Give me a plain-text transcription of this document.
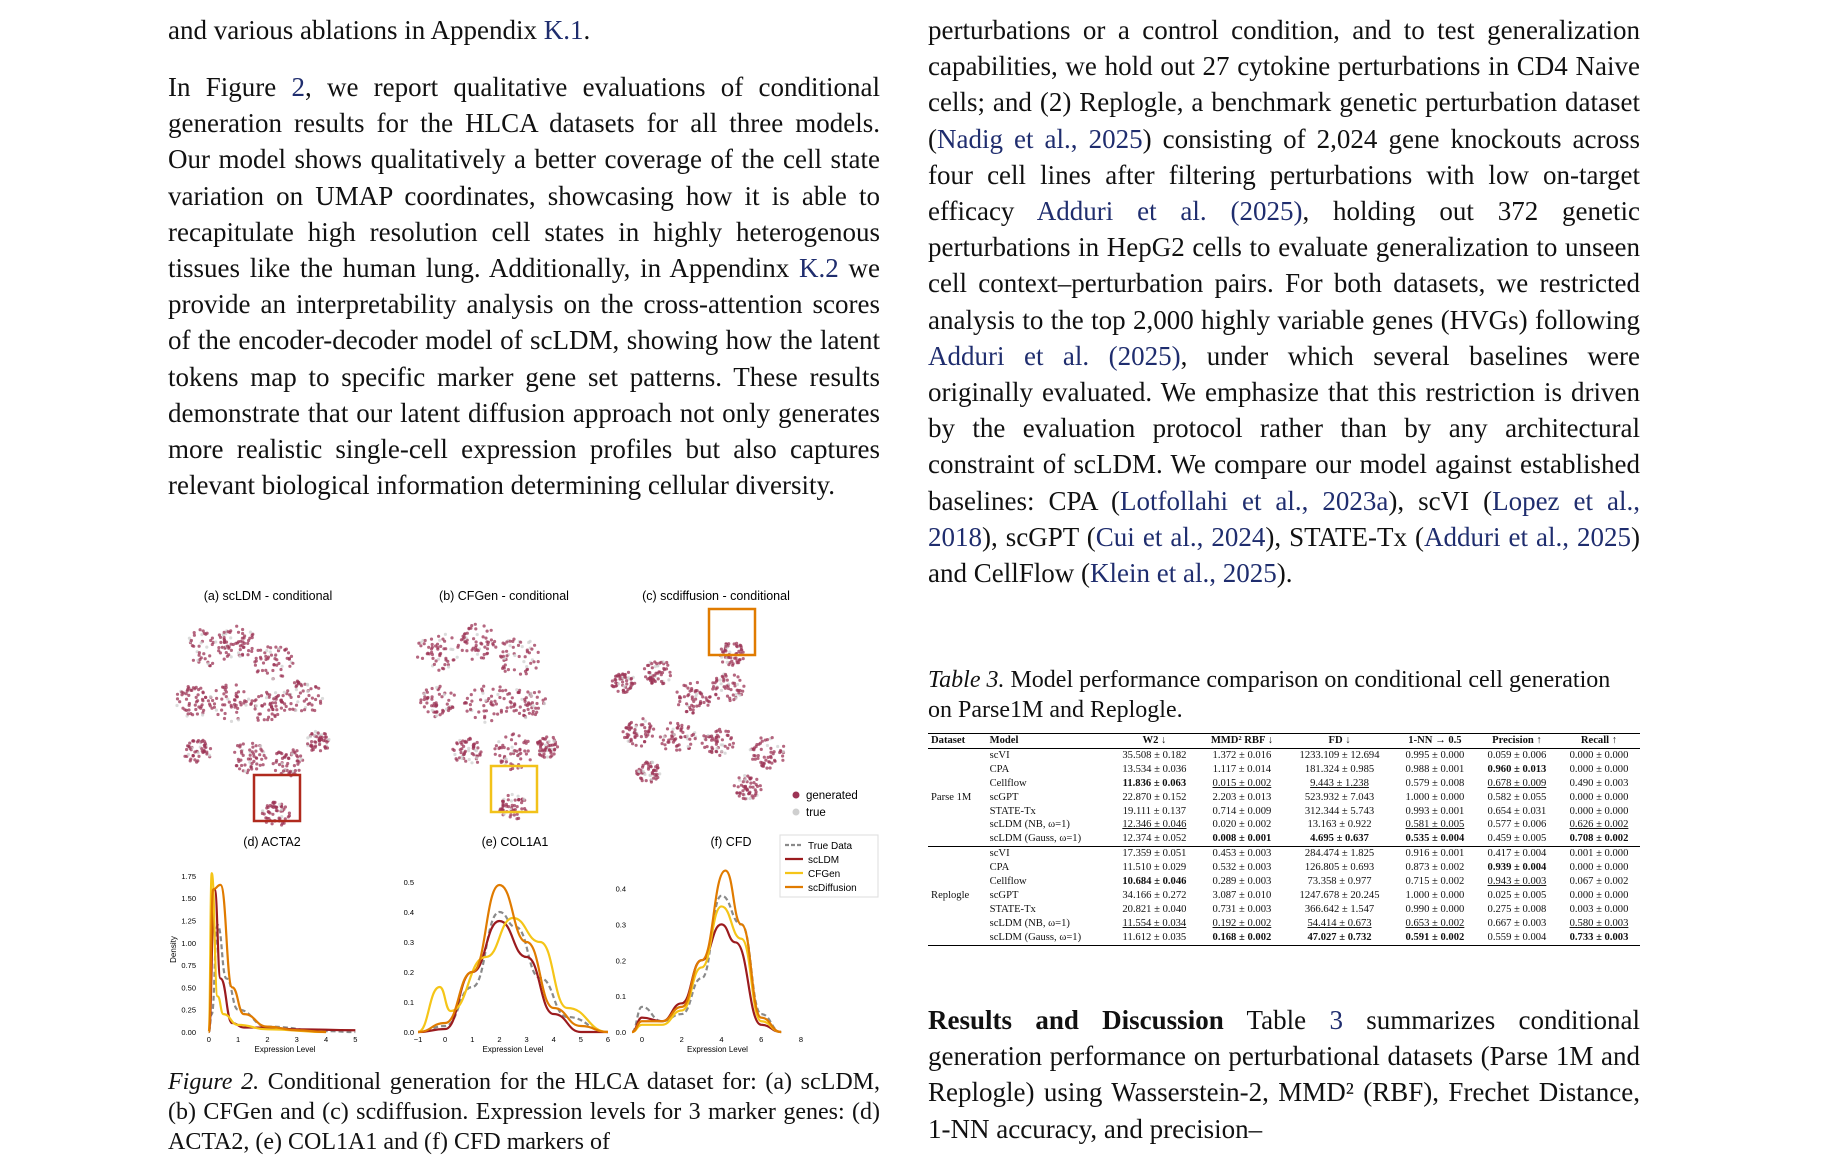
and various ablations in Appendix K.1.

In Figure 2, we report qualitative evaluations of conditional generation results for the HLCA datasets for all three models. Our model shows qualitatively a better coverage of the cell state variation on UMAP coordinates, showcasing how it is able to recapitulate high resolution cell states in highly heterogenous tissues like the human lung. Additionally, in Appendinx K.2 we provide an interpretability analysis on the cross-attention scores of the encoder-decoder model of scLDM, showing how the latent tokens map to specific marker gene set patterns. These results demonstrate that our latent diffusion approach not only generates more realistic single-cell expression profiles but also captures relevant biological information determining cellular diversity.

(a) scLDM - conditional	(b) CFGen - conditional	(c) scdiffusion - conditional
generated
true
(d) ACTA2	(e) COL1A1	(f) CFD
0.00
0.25
0.50
0.75
1.00
1.25
1.50
1.75
0	1	2	3	4	5
Expression Level
Density
0.0
0.1
0.2
0.3
0.4
0.5
−1	0	1	2	3	4	5	6
Expression Level
0.0
0.1
0.2
0.3
0.4
0	2	4	6	8
Expression Level
True Data
scLDM
CFGen
scDiffusion

Figure 2. Conditional generation for the HLCA dataset for: (a) scLDM, (b) CFGen and (c) scdiffusion. Expression levels for 3 marker genes: (d) ACTA2, (e) COL1A1 and (f) CFD markers of

perturbations or a control condition, and to test generalization capabilities, we hold out 27 cytokine perturbations in CD4 Naive cells; and (2) Replogle, a benchmark genetic perturbation dataset (Nadig et al., 2025) consisting of 2,024 gene knockouts across four cell lines after filtering perturbations with low on-target efficacy Adduri et al. (2025), holding out 372 genetic perturbations in HepG2 cells to evaluate generalization to unseen cell context–perturbation pairs. For both datasets, we restricted analysis to the top 2,000 highly variable genes (HVGs) following Adduri et al. (2025), under which several baselines were originally evaluated. We emphasize that this restriction is driven by the evaluation protocol rather than by any architectural constraint of scLDM. We compare our model against established baselines: CPA (Lotfollahi et al., 2023a), scVI (Lopez et al., 2018), scGPT (Cui et al., 2024), STATE-Tx (Adduri et al., 2025) and CellFlow (Klein et al., 2025).

Table 3. Model performance comparison on conditional cell generation on Parse1M and Replogle.

Dataset	Model	W2 ↓	MMD² RBF ↓	FD ↓	1-NN → 0.5	Precision ↑	Recall ↑
	scVI	35.508 ± 0.182	1.372 ± 0.016	1233.109 ± 12.694	0.995 ± 0.000	0.059 ± 0.006	0.000 ± 0.000
	CPA	13.534 ± 0.036	1.117 ± 0.014	181.324 ± 0.985	0.988 ± 0.001	0.960 ± 0.013	0.000 ± 0.000
	Cellflow	11.836 ± 0.063	0.015 ± 0.002	9.443 ± 1.238	0.579 ± 0.008	0.678 ± 0.009	0.490 ± 0.003
Parse 1M	scGPT	22.870 ± 0.152	2.203 ± 0.013	523.932 ± 7.043	1.000 ± 0.000	0.582 ± 0.055	0.000 ± 0.000
	STATE-Tx	19.111 ± 0.137	0.714 ± 0.009	312.344 ± 5.743	0.993 ± 0.001	0.654 ± 0.031	0.000 ± 0.000
	scLDM (NB, ω=1)	12.346 ± 0.046	0.020 ± 0.002	13.163 ± 0.922	0.581 ± 0.005	0.577 ± 0.006	0.626 ± 0.002
	scLDM (Gauss, ω=1)	12.374 ± 0.052	0.008 ± 0.001	4.695 ± 0.637	0.535 ± 0.004	0.459 ± 0.005	0.708 ± 0.002
	scVI	17.359 ± 0.051	0.453 ± 0.003	284.474 ± 1.825	0.916 ± 0.001	0.417 ± 0.004	0.001 ± 0.000
	CPA	11.510 ± 0.029	0.532 ± 0.003	126.805 ± 0.693	0.873 ± 0.002	0.939 ± 0.004	0.000 ± 0.000
	Cellflow	10.684 ± 0.046	0.289 ± 0.003	73.358 ± 0.977	0.715 ± 0.002	0.943 ± 0.003	0.067 ± 0.002
Replogle	scGPT	34.166 ± 0.272	3.087 ± 0.010	1247.678 ± 20.245	1.000 ± 0.000	0.025 ± 0.005	0.000 ± 0.000
	STATE-Tx	20.821 ± 0.040	0.731 ± 0.003	366.642 ± 1.547	0.990 ± 0.000	0.275 ± 0.008	0.003 ± 0.000
	scLDM (NB, ω=1)	11.554 ± 0.034	0.192 ± 0.002	54.414 ± 0.673	0.653 ± 0.002	0.667 ± 0.003	0.580 ± 0.003
	scLDM (Gauss, ω=1)	11.612 ± 0.035	0.168 ± 0.002	47.027 ± 0.732	0.591 ± 0.002	0.559 ± 0.004	0.733 ± 0.003

Results and Discussion Table 3 summarizes conditional generation performance on perturbational datasets (Parse 1M and Replogle) using Wasserstein-2, MMD² (RBF), Frechet Distance, 1-NN accuracy, and precision–
